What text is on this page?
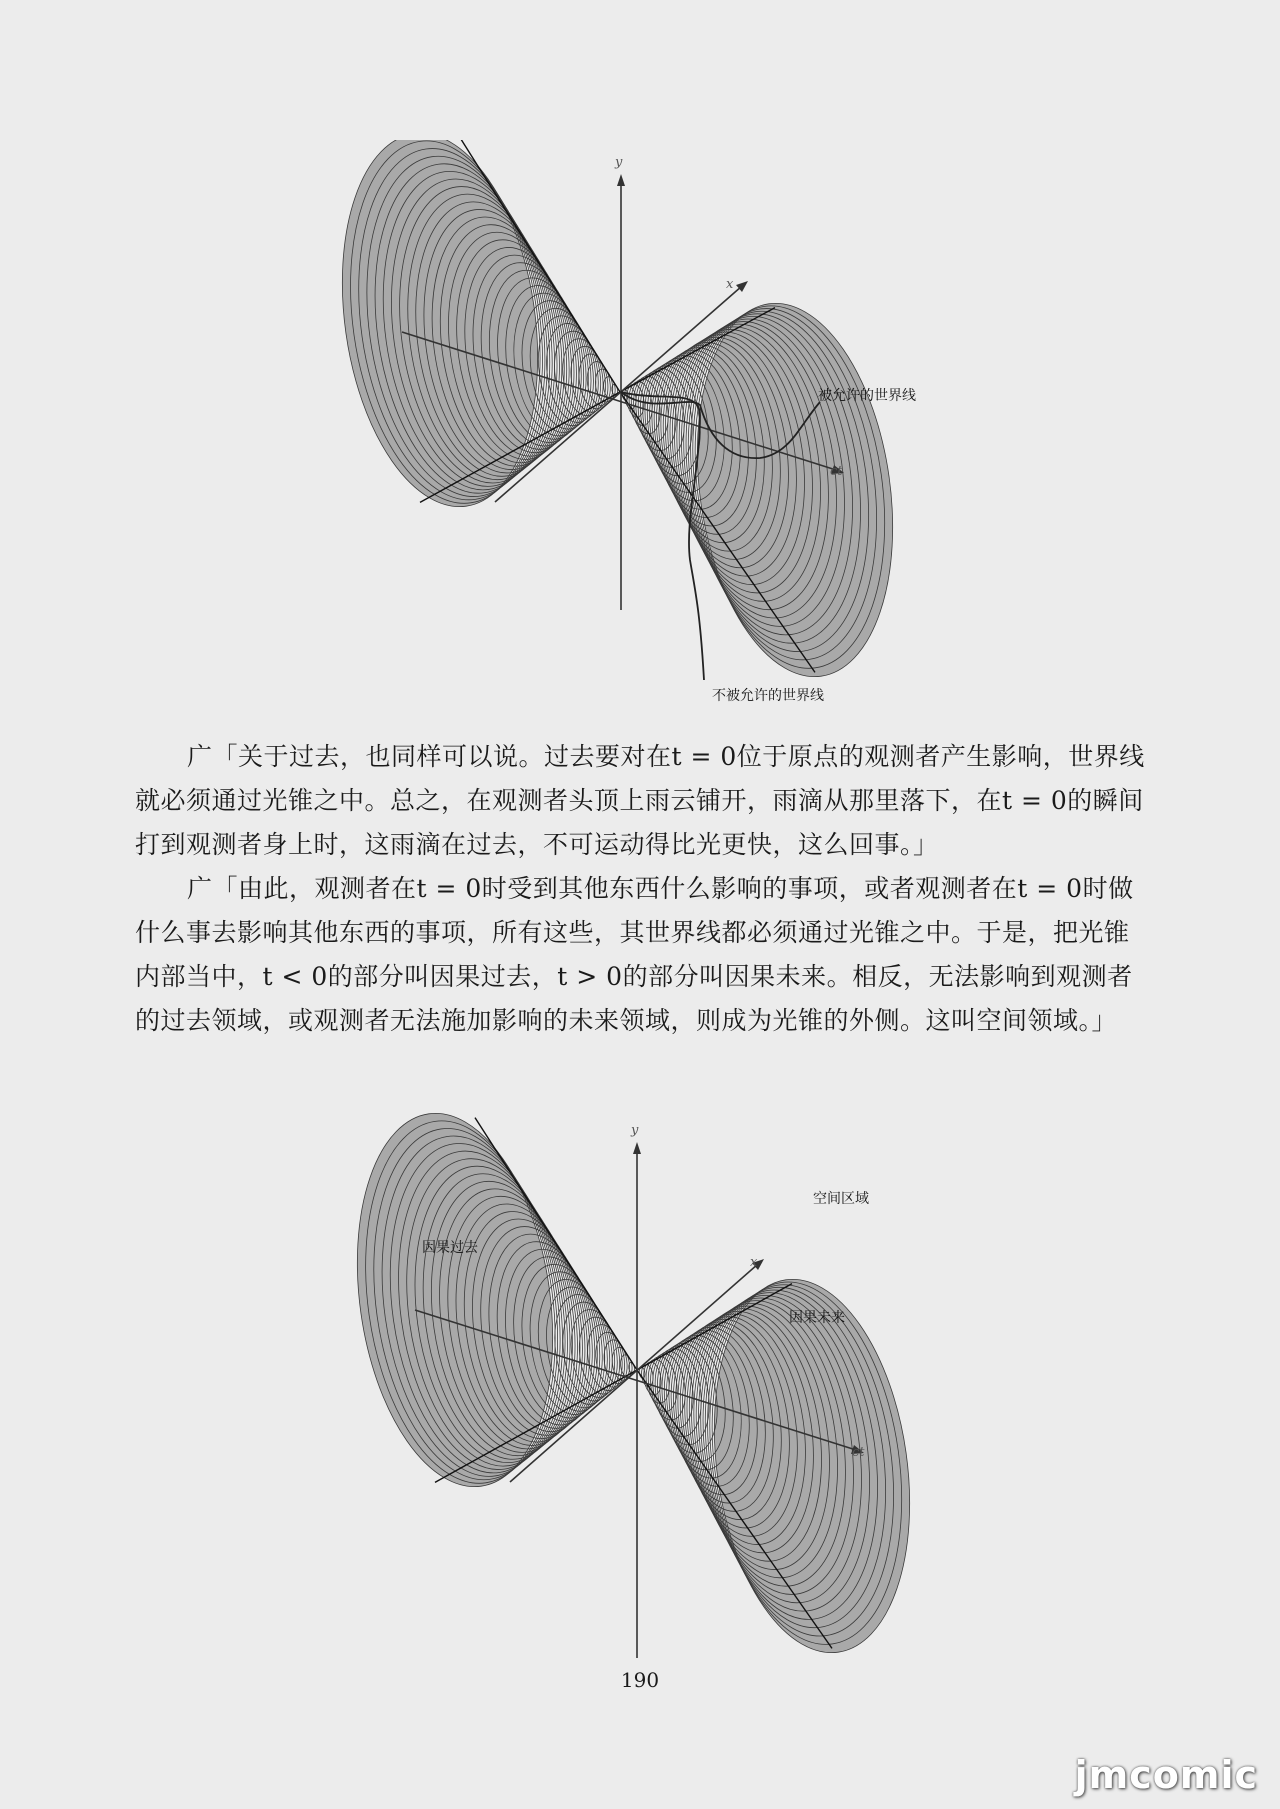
y
x
ct
被允许的世界线
不被允许的世界线

广「关于过去，也同样可以说。过去要对在t = 0位于原点的观测者产生影响，世界线就必须通过光锥之中。总之，在观测者头顶上雨云铺开，雨滴从那里落下，在t = 0的瞬间打到观测者身上时，这雨滴在过去，不可运动得比光更快，这么回事。」

广「由此，观测者在t = 0时受到其他东西什么影响的事项，或者观测者在t = 0时做什么事去影响其他东西的事项，所有这些，其世界线都必须通过光锥之中。于是，把光锥内部当中，t < 0的部分叫因果过去，t > 0的部分叫因果未来。相反，无法影响到观测者的过去领域，或观测者无法施加影响的未来领域，则成为光锥的外侧。这叫空间领域。」

y
x
ct
空间区域
因果过去
因果未来
190
jmcomic
